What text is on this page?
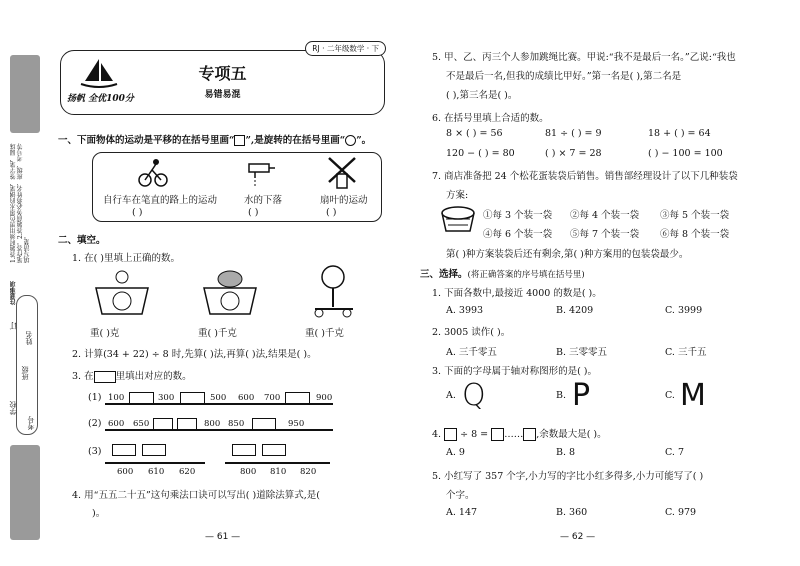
1.答题时须用黑色墨水的钢笔、签字笔、圆珠笔作答。2.答题前务必将姓名、班级、考号等填写清楚。
注意事项
订
学校
班级
姓名
考号
RJ · 二年级数学 · 下
扬帆 全优100分
专项五
易错易混
一、下面物体的运动是平移的在括号里画“ ”,是旋转的在括号里画“ ”。
自行车在笔直的路上的运动	水的下落	扇叶的运动
( )	( )	( )
二、填空。
1. 在( )里填上正确的数。
重( )克	重( )千克	重( )千克
2. 计算(34 + 22) ÷ 8 时,先算( )法,再算( )法,结果是( )。
3. 在 里填出对应的数。
(1) 100	300	500 600 700	900
(2) 600 650	800 850	950
(3)
600 610 620	800 810 820
4. 用“五五二十五”这句乘法口诀可以写出( )道除法算式,是(
)。
— 61 —
5. 甲、乙、丙三个人参加跳绳比赛。甲说:“我不是最后一名。”乙说:“我也
不是最后一名,但我的成绩比甲好。”第一名是( ),第二名是
( ),第三名是( )。
6. 在括号里填上合适的数。
8 × ( ) = 56	81 ÷ ( ) = 9	18 + ( ) = 64
120 − ( ) = 80	( ) × 7 = 28	( ) − 100 = 100
7. 商店准备把 24 个松花蛋装袋后销售。销售部经理设计了以下几种装袋
方案:
①每 3 个装一袋 ②每 4 个装一袋 ③每 5 个装一袋
④每 6 个装一袋 ⑤每 7 个装一袋 ⑥每 8 个装一袋
第( )种方案装袋后还有剩余,第( )种方案用的包装袋最少。
三、选择。(将正确答案的序号填在括号里)
1. 下面各数中,最接近 4000 的数是( )。
A. 3993	B. 4209	C. 3999
2. 3005 读作( )。
A. 三千零五	B. 三零零五	C. 三千五
3. 下面的字母属于轴对称图形的是( )。
A. Q	B. P	C. M
4. ÷ 8 = …… ,余数最大是( )。
A. 9	B. 8	C. 7
5. 小红写了 357 个字,小力写的字比小红多得多,小力可能写了( )
个字。
A. 147	B. 360	C. 979
— 62 —
